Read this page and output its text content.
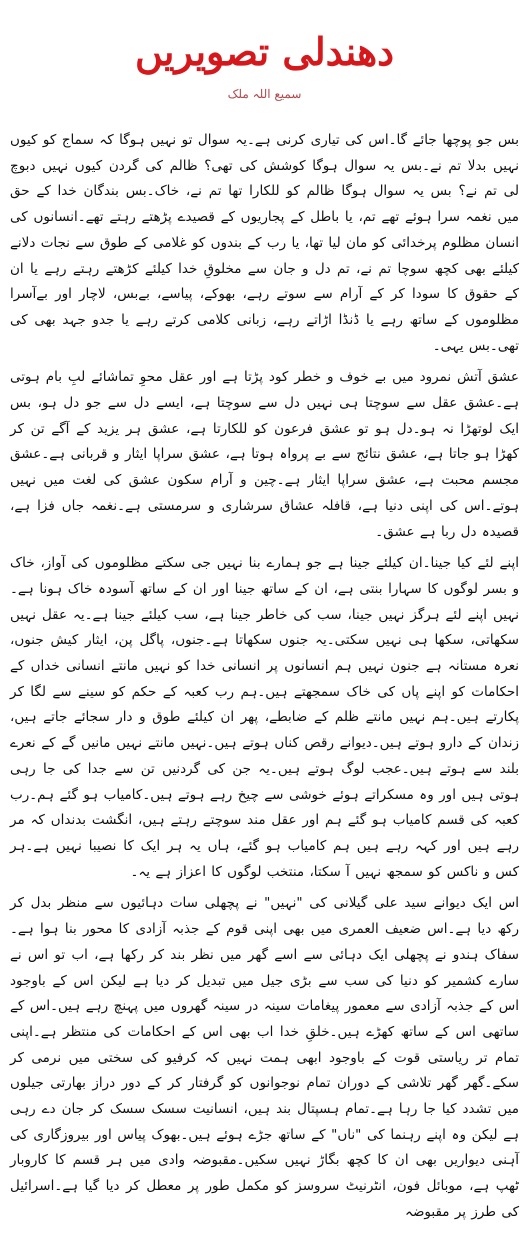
دھندلی تصویریں
سمیع اللہ ملک

بس جو پوچھا جائے گا۔اس کی تیاری کرنی ہے۔یہ سوال تو نہیں ہوگا کہ سماج کو کیوں نہیں بدلا تم نے۔بس یہ سوال ہوگا کوشش کی تھی؟ ظالم کی گردن کیوں نہیں دبوچ لی تم نے؟ بس یہ سوال ہوگا ظالم کو للکارا تھا تم نے، خاک۔بس بندگان خدا کے حق میں نغمہ سرا ہوئے تھے تم، یا باطل کے پجاریوں کے قصیدے پڑھتے رہتے تھے۔انسانوں کی انسان مظلوم پرخدائی کو مان لیا تھا، یا رب کے بندوں کو غلامی کے طوق سے نجات دلانے کیلئے بھی کچھ سوچا تم نے، تم دل و جان سے مخلوقِ خدا کیلئے کڑھتے رہتے رہے یا ان کے حقوق کا سودا کر کے آرام سے سوتے رہے، بھوکے، پیاسے، بےبس، لاچار اور بےآسرا مظلوموں کے ساتھ رہے یا ڈنڈا اڑاتے رہے، زبانی کلامی کرتے رہے یا جدو جہد بھی کی تھی۔بس یہی۔

عشق آتش نمرود میں بے خوف و خطر کود پڑتا ہے اور عقل محوِ تماشائے لبِ بام ہوتی ہے۔عشق عقل سے سوچتا ہی نہیں دل سے سوچتا ہے، ایسے دل سے جو دل ہو، بس ایک لوتھڑا نہ ہو۔دل ہو تو عشق فرعون کو للکارتا ہے، عشق ہر یزید کے آگے تن کر کھڑا ہو جاتا ہے، عشق نتائج سے بے پرواہ ہوتا ہے، عشق سراپا ایثار و قربانی ہے۔عشق مجسم محبت ہے، عشق سراپا ایثار ہے۔چین و آرام سکون عشق کی لغت میں نہیں ہوتے۔اس کی اپنی دنیا ہے، قافلہ عشاق سرشاری و سرمستی ہے۔نغمہ جاں فزا ہے، قصیدہ دل ربا ہے عشق۔

اپنے لئے کیا جینا۔ان کیلئے جینا ہے جو ہمارے بنا نہیں جی سکتے مظلوموں کی آواز، خاک و بسر لوگوں کا سہارا بنتی ہے، ان کے ساتھ جینا اور ان کے ساتھ آسودہ خاک ہونا ہے۔نہیں اپنے لئے ہرگز نہیں جینا، سب کی خاطر جینا ہے، سب کیلئے جینا ہے۔یہ عقل نہیں سکھاتی، سکھا ہی نہیں سکتی۔یہ جنوں سکھاتا ہے۔جنوں، پاگل پن، ایثار کیش جنوں، نعرہ مستانہ ہے جنون نہیں ہم انسانوں پر انسانی خدا کو نہیں مانتے انسانی خداں کے احکامات کو اپنے پاں کی خاک سمجھتے ہیں۔ہم رب کعبہ کے حکم کو سینے سے لگا کر پکارتے ہیں۔ہم نہیں مانتے ظلم کے ضابطے، پھر ان کیلئے طوق و دار سجائے جاتے ہیں، زندان کے دارو ہوتے ہیں۔دیوانے رقص کناں ہوتے ہیں۔نہیں مانتے نہیں مانیں گے کے نعرے بلند سے ہوتے ہیں۔عجب لوگ ہوتے ہیں۔یہ جن کی گردنیں تن سے جدا کی جا رہی ہوتی ہیں اور وہ مسکراتے ہوئے خوشی سے چیخ رہے ہوتے ہیں۔کامیاب ہو گئے ہم۔رب کعبہ کی قسم کامیاب ہو گئے ہم اور عقل مند سوچتے رہتے ہیں، انگشت بدنداں کہ مر رہے ہیں اور کہہ رہے ہیں ہم کامیاب ہو گئے، ہاں یہ ہر ایک کا نصیبا نہیں ہے۔ہر کس و ناکس کو سمجھ نہیں آ سکتا، منتخب لوگوں کا اعزاز ہے یہ۔

اس ایک دیوانے سید علی گیلانی کی "نہیں" نے پچھلی سات دہائیوں سے منظر بدل کر رکھ دیا ہے۔اس ضعیف العمری میں بھی اپنی قوم کے جذبہ آزادی کا محور بنا ہوا ہے۔سفاک ہندو نے پچھلی ایک دہائی سے اسے گھر میں نظر بند کر رکھا ہے، اب تو اس نے سارے کشمیر کو دنیا کی سب سے بڑی جیل میں تبدیل کر دیا ہے لیکن اس کے باوجود اس کے جذبہ آزادی سے معمور پیغامات سینہ در سینہ گھروں میں پہنچ رہے ہیں۔اس کے ساتھی اس کے ساتھ کھڑے ہیں۔خلقِ خدا اب بھی اس کے احکامات کی منتظر ہے۔اپنی تمام تر ریاستی قوت کے باوجود ابھی ہمت نہیں کہ کرفیو کی سختی میں نرمی کر سکے۔گھر گھر تلاشی کے دوران تمام نوجوانوں کو گرفتار کر کے دور دراز بھارتی جیلوں میں تشدد کیا جا رہا ہے۔تمام ہسپتال بند ہیں، انسانیت سسک سسک کر جان دے رہی ہے لیکن وہ اپنے رہنما کی "ناں" کے ساتھ جڑے ہوئے ہیں۔بھوک پیاس اور بیروزگاری کی آہنی دیواریں بھی ان کا کچھ بگاڑ نہیں سکیں۔مقبوضہ وادی میں ہر قسم کا کاروبار ٹھپ ہے، موبائل فون، انٹرنیٹ سروسز کو مکمل طور پر معطل کر دیا گیا ہے۔اسرائیل کی طرز پر مقبوضہ
